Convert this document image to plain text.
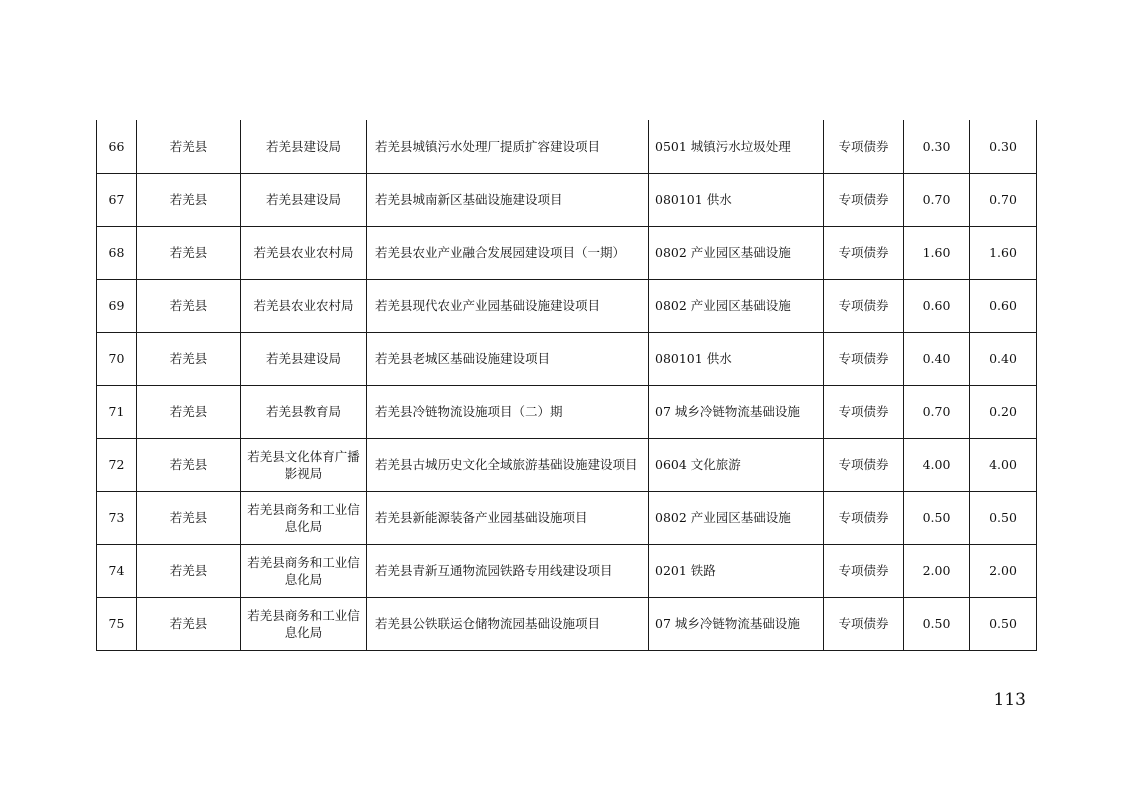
66	若羌县	若羌县建设局	若羌县城镇污水处理厂提质扩容建设项目	0501 城镇污水垃圾处理	专项债券	0.30	0.30
67	若羌县	若羌县建设局	若羌县城南新区基础设施建设项目	080101 供水	专项债券	0.70	0.70
68	若羌县	若羌县农业农村局	若羌县农业产业融合发展园建设项目（一期）	0802 产业园区基础设施	专项债券	1.60	1.60
69	若羌县	若羌县农业农村局	若羌县现代农业产业园基础设施建设项目	0802 产业园区基础设施	专项债券	0.60	0.60
70	若羌县	若羌县建设局	若羌县老城区基础设施建设项目	080101 供水	专项债券	0.40	0.40
71	若羌县	若羌县教育局	若羌县冷链物流设施项目（二）期	07 城乡冷链物流基础设施	专项债券	0.70	0.20
72	若羌县	若羌县文化体育广播影视局	若羌县古城历史文化全域旅游基础设施建设项目	0604 文化旅游	专项债券	4.00	4.00
73	若羌县	若羌县商务和工业信息化局	若羌县新能源装备产业园基础设施项目	0802 产业园区基础设施	专项债券	0.50	0.50
74	若羌县	若羌县商务和工业信息化局	若羌县青新互通物流园铁路专用线建设项目	0201 铁路	专项债券	2.00	2.00
75	若羌县	若羌县商务和工业信息化局	若羌县公铁联运仓储物流园基础设施项目	07 城乡冷链物流基础设施	专项债券	0.50	0.50
113
